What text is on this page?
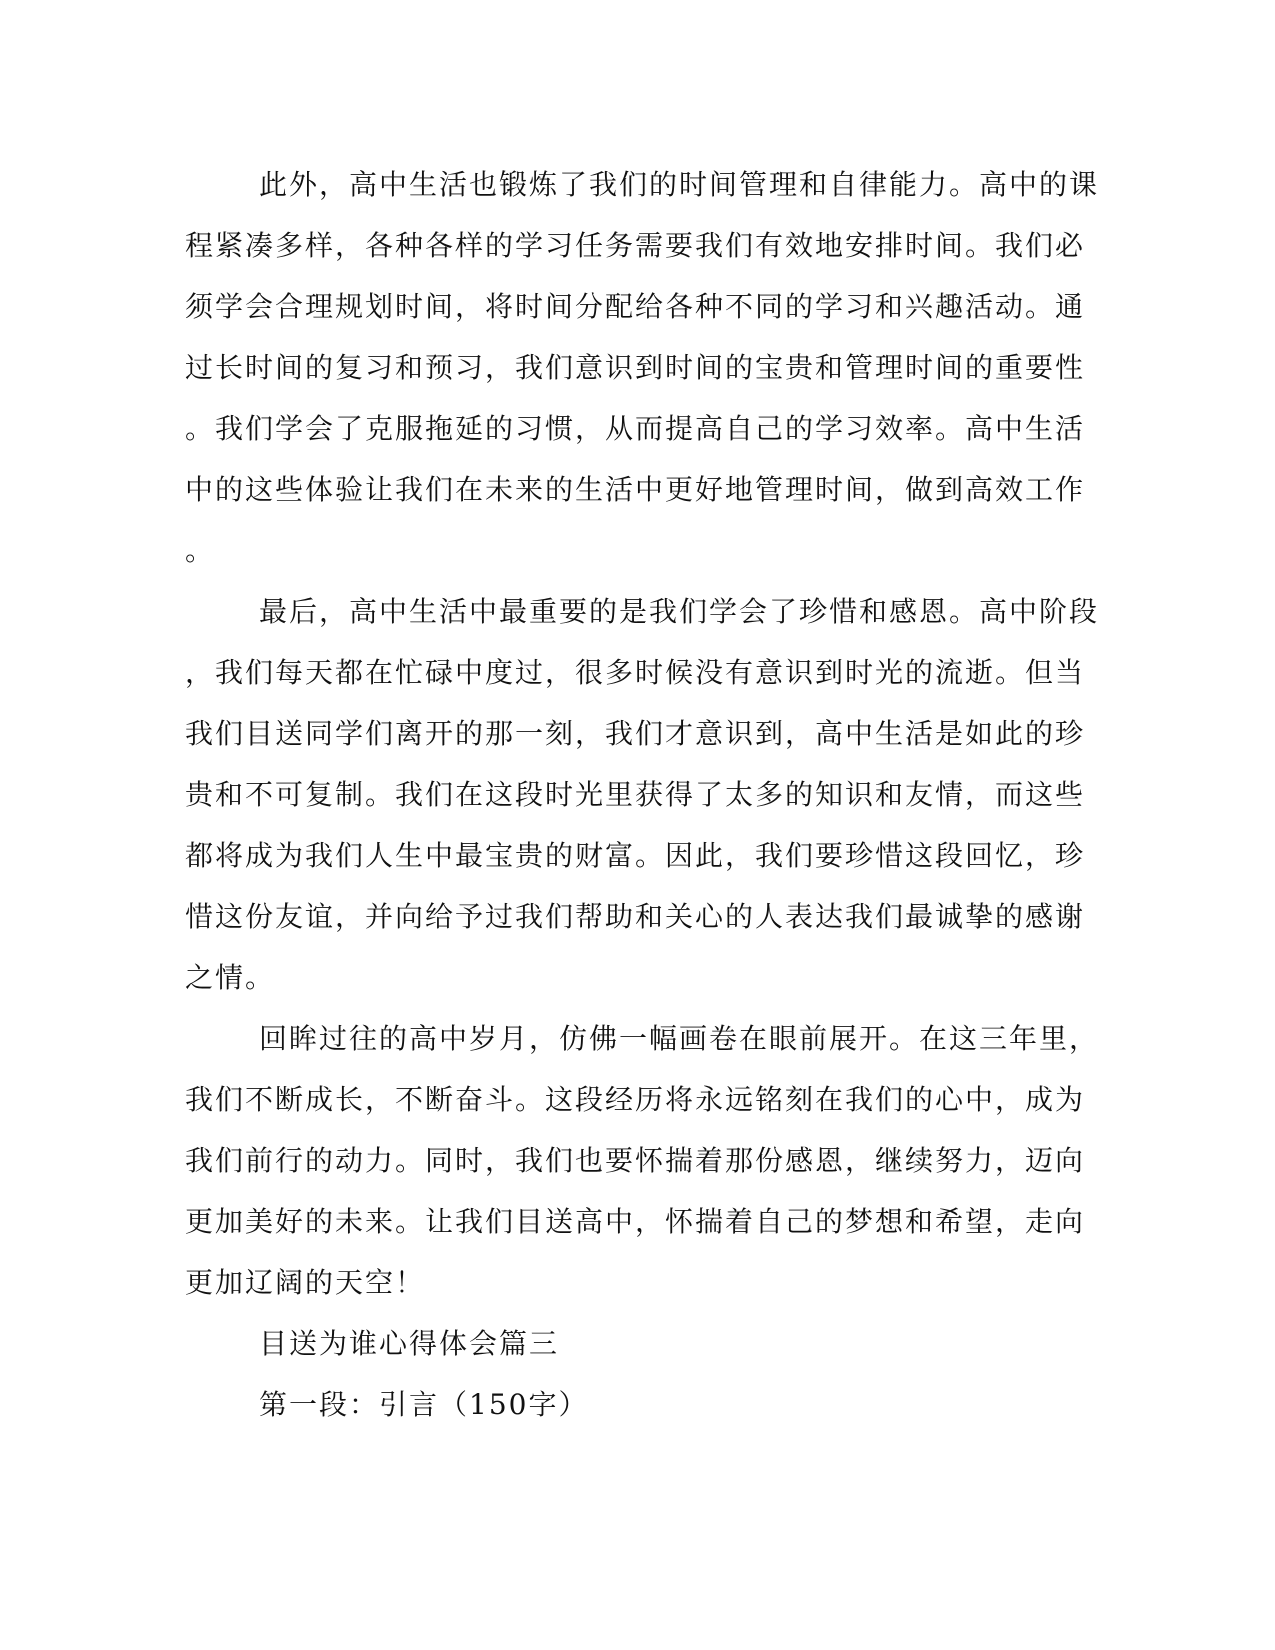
此外，高中生活也锻炼了我们的时间管理和自律能力。高中的课
程紧凑多样，各种各样的学习任务需要我们有效地安排时间。我们必
须学会合理规划时间，将时间分配给各种不同的学习和兴趣活动。通
过长时间的复习和预习，我们意识到时间的宝贵和管理时间的重要性
。我们学会了克服拖延的习惯，从而提高自己的学习效率。高中生活
中的这些体验让我们在未来的生活中更好地管理时间，做到高效工作
。
最后，高中生活中最重要的是我们学会了珍惜和感恩。高中阶段
，我们每天都在忙碌中度过，很多时候没有意识到时光的流逝。但当
我们目送同学们离开的那一刻，我们才意识到，高中生活是如此的珍
贵和不可复制。我们在这段时光里获得了太多的知识和友情，而这些
都将成为我们人生中最宝贵的财富。因此，我们要珍惜这段回忆，珍
惜这份友谊，并向给予过我们帮助和关心的人表达我们最诚挚的感谢
之情。
回眸过往的高中岁月，仿佛一幅画卷在眼前展开。在这三年里，
我们不断成长，不断奋斗。这段经历将永远铭刻在我们的心中，成为
我们前行的动力。同时，我们也要怀揣着那份感恩，继续努力，迈向
更加美好的未来。让我们目送高中，怀揣着自己的梦想和希望，走向
更加辽阔的天空！
目送为谁心得体会篇三
第一段：引言（150字）
